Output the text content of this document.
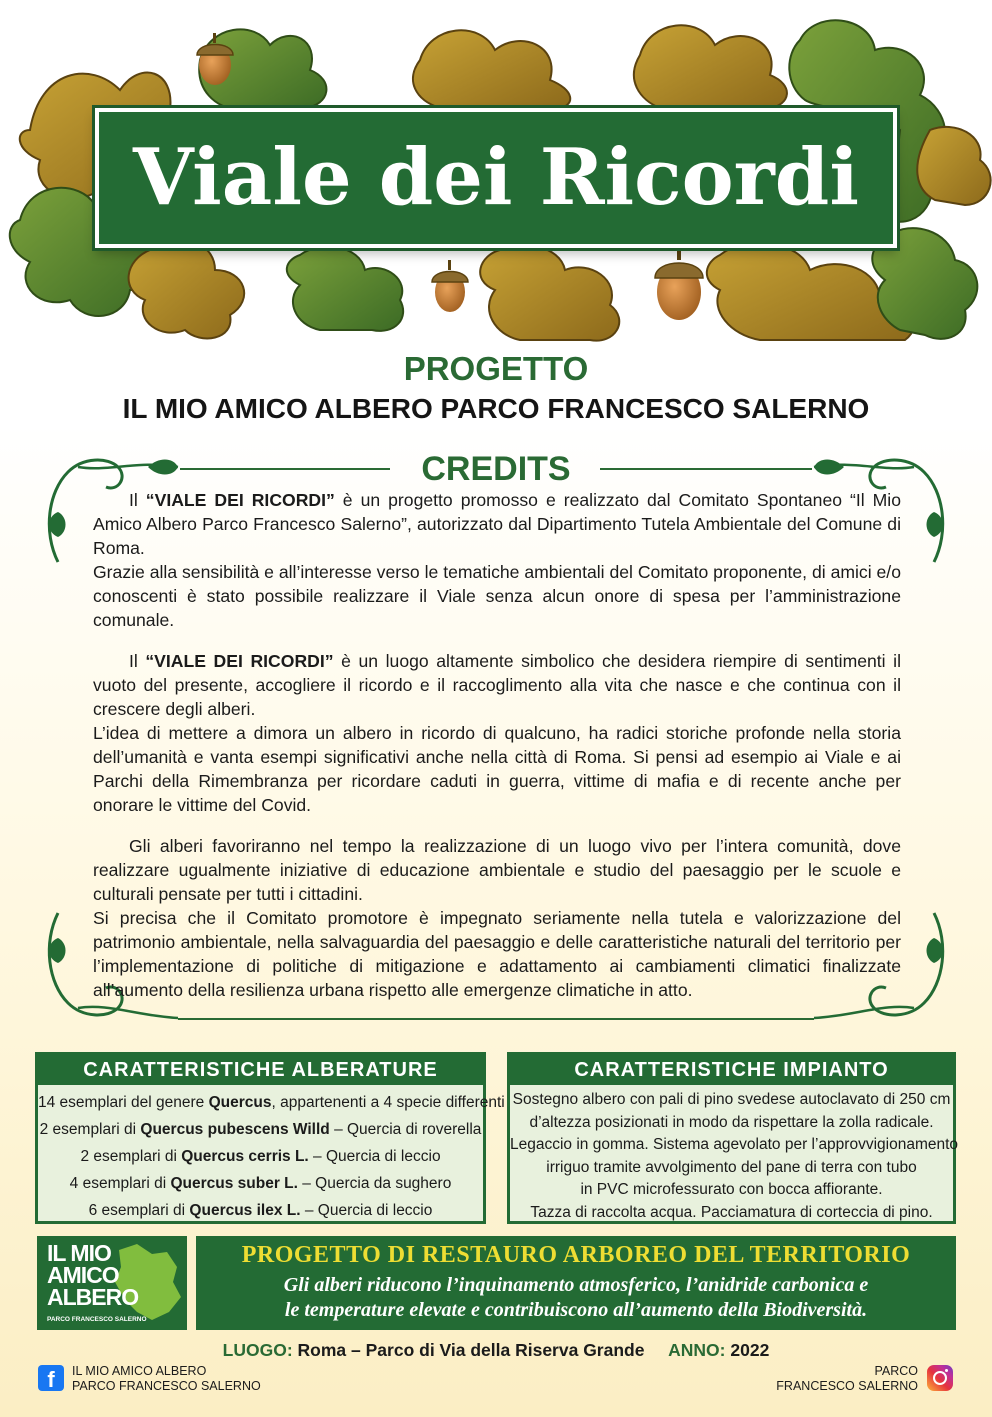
Viale dei Ricordi
PROGETTO
IL MIO AMICO ALBERO PARCO FRANCESCO SALERNO
CREDITS

Il “VIALE DEI RICORDI” è un progetto promosso e realizzato dal Comitato Spontaneo “Il Mio Amico Albero Parco Francesco Salerno”, autorizzato dal Dipartimento Tutela Ambientale del Comune di Roma.

Grazie alla sensibilità e all’interesse verso le tematiche ambientali del Comitato proponente, di amici e/o conoscenti è stato possibile realizzare il Viale senza alcun onore di spesa per l’amministrazione comunale.

Il “VIALE DEI RICORDI” è un luogo altamente simbolico che desidera riempire di sentimenti il vuoto del presente, accogliere il ricordo e il raccoglimento alla vita che nasce e che continua con il crescere degli alberi.

L’idea di mettere a dimora un albero in ricordo di qualcuno, ha radici storiche profonde nella storia dell’umanità e vanta esempi significativi anche nella città di Roma. Si pensi ad esempio ai Viale e ai Parchi della Rimembranza per ricordare caduti in guerra, vittime di mafia e di recente anche per onorare le vittime del Covid.

Gli alberi favoriranno nel tempo la realizzazione di un luogo vivo per l’intera comunità, dove realizzare ugualmente iniziative di educazione ambientale e studio del paesaggio per le scuole e culturali pensate per tutti i cittadini.

Si precisa che il Comitato promotore è impegnato seriamente nella tutela e valorizzazione del patrimonio ambientale, nella salvaguardia del paesaggio e delle caratteristiche naturali del territorio per l’implementazione di politiche di mitigazione e adattamento ai cambiamenti climatici finalizzate all’aumento della resilienza urbana rispetto alle emergenze climatiche in atto.

CARATTERISTICHE ALBERATURE
14 esemplari del genere Quercus, appartenenti a 4 specie differenti
2 esemplari di Quercus pubescens Willd – Quercia di roverella
2 esemplari di Quercus cerris L. – Quercia di leccio
4 esemplari di Quercus suber L. – Quercia da sughero
6 esemplari di Quercus ilex L. – Quercia di leccio
CARATTERISTICHE IMPIANTO
Sostegno albero con pali di pino svedese autoclavato di 250 cm
d’altezza posizionati in modo da rispettare la zolla radicale.
Legaccio in gomma. Sistema agevolato per l’approvvigionamento
irriguo tramite avvolgimento del pane di terra con tubo
in PVC microfessurato con bocca affiorante.
Tazza di raccolta acqua. Pacciamatura di corteccia di pino.
IL MIO
AMICO
ALBERO
PARCO FRANCESCO SALERNO
PROGETTO DI RESTAURO ARBOREO DEL TERRITORIO
Gli alberi riducono l’inquinamento atmosferico, l’anidride carbonica e
le temperature elevate e contribuiscono all’aumento della Biodiversità.
LUOGO: Roma – Parco di Via della Riserva Grande ANNO: 2022
f	IL MIO AMICO ALBERO
PARCO FRANCESCO SALERNO
PARCO
FRANCESCO SALERNO
